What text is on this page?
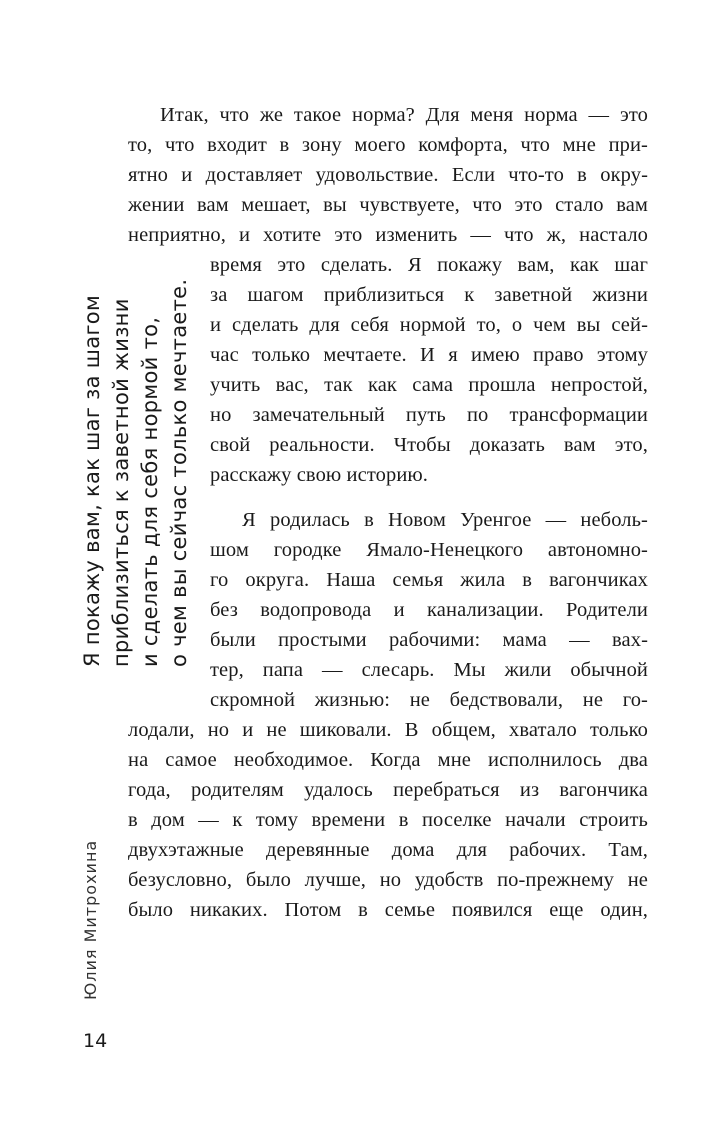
Итак, что же такое норма? Для меня норма — это
то, что входит в зону моего комфорта, что мне при-
ятно и доставляет удовольствие. Если что-то в окру-
жении вам мешает, вы чувствуете, что это стало вам
неприятно, и хотите это изменить — что ж, настало
время это сделать. Я покажу вам, как шаг
за шагом приблизиться к заветной жизни
и сделать для себя нормой то, о чем вы сей-
час только мечтаете. И я имею право этому
учить вас, так как сама прошла непростой,
но замечательный путь по трансформации
свой реальности. Чтобы доказать вам это,
расскажу свою историю.
Я родилась в Новом Уренгое — неболь-
шом городке Ямало-Ненецкого автономно-
го округа. Наша семья жила в вагончиках
без водопровода и канализации. Родители
были простыми рабочими: мама — вах-
тер, папа — слесарь. Мы жили обычной
скромной жизнью: не бедствовали, не го-
лодали, но и не шиковали. В общем, хватало только
на самое необходимое. Когда мне исполнилось два
года, родителям удалось перебраться из вагончика
в дом — к тому времени в поселке начали строить
двухэтажные деревянные дома для рабочих. Там,
безусловно, было лучше, но удобств по-прежнему не
было никаких. Потом в семье появился еще один,
Я покажу вам, как шаг за шагом приблизиться к заветной жизни и сделать для себя нормой то, о чем вы сейчас только мечтаете.
Юлия Митрохина
14
